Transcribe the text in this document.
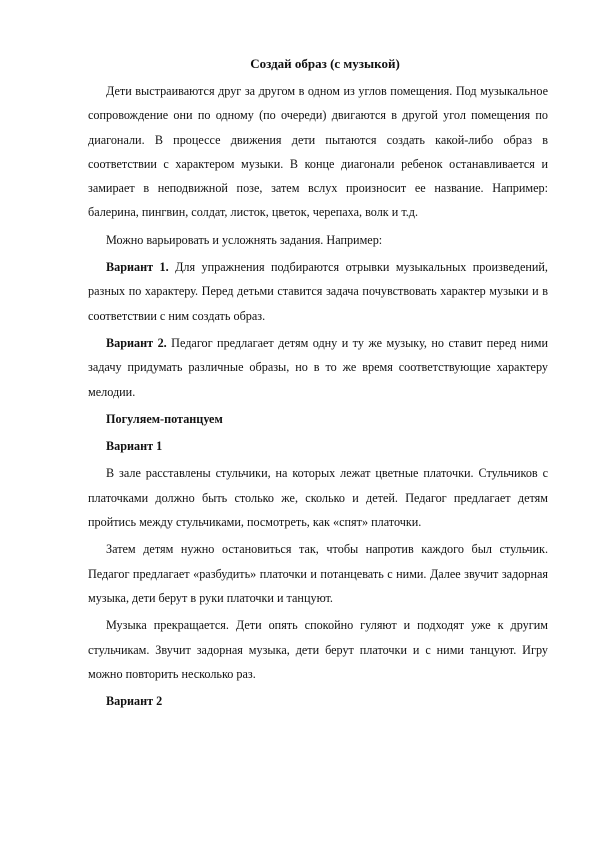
Создай образ (с музыкой)

Дети выстраиваются друг за другом в одном из углов помещения. Под музыкальное сопровождение они по одному (по очереди) двигаются в другой угол помещения по диагонали. В процессе движения дети пытаются создать какой-либо образ в соответствии с характером музыки. В конце диагонали ребенок останавливается и замирает в неподвижной позе, затем вслух произносит ее название. Например: балерина, пингвин, солдат, листок, цветок, черепаха, волк и т.д.

Можно варьировать и усложнять задания. Например:

Вариант 1. Для упражнения подбираются отрывки музыкальных произведений, разных по характеру. Перед детьми ставится задача почувствовать характер музыки и в соответствии с ним создать образ.

Вариант 2. Педагог предлагает детям одну и ту же музыку, но ставит перед ними задачу придумать различные образы, но в то же время соответствующие характеру мелодии.

Погуляем-потанцуем

Вариант 1

В зале расставлены стульчики, на которых лежат цветные платочки. Стульчиков с платочками должно быть столько же, сколько и детей. Педагог предлагает детям пройтись между стульчиками, посмотреть, как «спят» платочки.

Затем детям нужно остановиться так, чтобы напротив каждого был стульчик. Педагог предлагает «разбудить» платочки и потанцевать с ними. Далее звучит задорная музыка, дети берут в руки платочки и танцуют.

Музыка прекращается. Дети опять спокойно гуляют и подходят уже к другим стульчикам. Звучит задорная музыка, дети берут платочки и с ними танцуют. Игру можно повторить несколько раз.

Вариант 2
